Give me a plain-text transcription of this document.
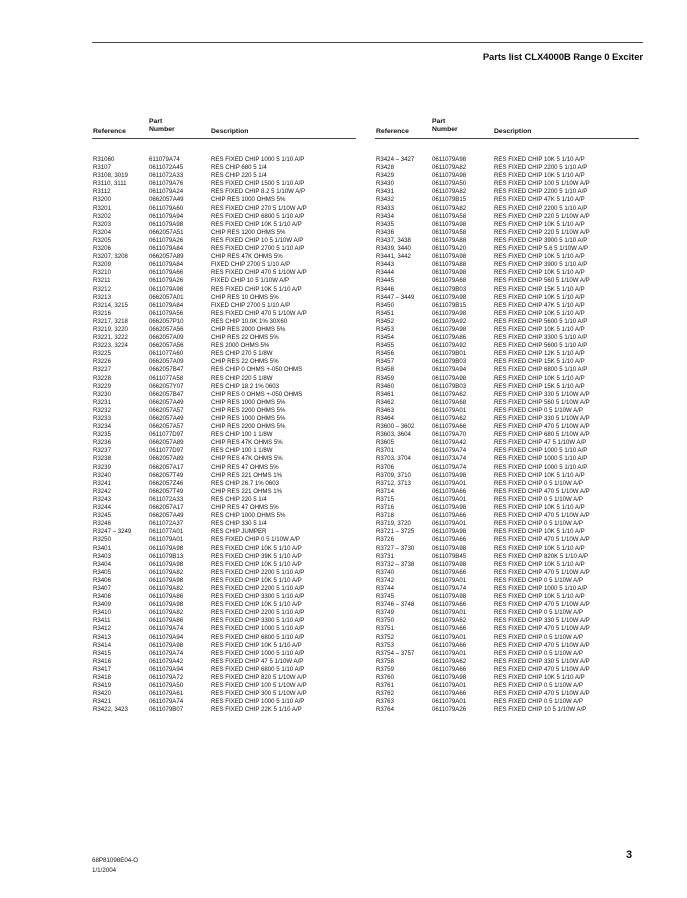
Parts list CLX4000B Range 0 Exciter
Reference
Part Number	Description
R31060	611079A74	RES FIXED CHIP 1000 5 1/10 A/P
R3107	0611072A45	RES CHIP 680 5 1/4
R3108, 3019	0611072A33	RES CHIP 220 5 1/4
R3110, 3111	0611079A76	RES FIXED CHIP 1500 5 1/10 A/P
R3112	0611079A24	RES FIXED CHIP 8.2 5 1/10W A/P
R3200	0662057A49	CHIP RES 1000 OHMS 5%
R3201	0611079A60	RES FIXED CHIP 270 5 1/10W A/P
R3202	0611079A94	RES FIXED CHIP 6800 5 1/10 A/P
R3203	0611079A98	RES FIXED CHIP 10K 5 1/10 A/P
R3204	0662057A51	CHIP RES 1200 OHMS 5%
R3205	0611079A26	RES FIXED CHIP 10 5 1/10W A/P
R3206	0611079A84	RES FIXED CHIP 2700 5 1/10 A/P
R3207, 3208	0662057A89	CHIP RES 47K OHMS 5%
R3209	0611079A84	FIXED CHIP 2700 5 1/10 A/P
R3210	0611079A66	RES FIXED CHIP 470 5 1/10W A/P
R3211	0611079A26	FIXED CHIP 10 5 1/10W A/P
R3212	0611079A98	RES FIXED CHIP 10K 5 1/10 A/P
R3213	0662057A01	CHIP RES 10 OHMS 5%
R3214, 3215	0611079A84	FIXED CHIP 2700 5 1/10 A/P
R3216	0611079A56	RES FIXED CHIP 470 5 1/10W A/P
R3217, 3218	0662057P10	RES CHIP 10.0K 1% 30X60
R3219, 3220	0662057A56	CHIP RES 2000 OHMS 5%
R3221, 3222	0662057A09	CHIP RES 22 OHMS 5%
R3223, 3224	0662057A56	RES 2000 OHMS 5%
R3225	0611077A60	RES CHIP 270 5 1/8W
R3226	0662057A09	CHIP RES 22 OHMS 5%
R3227	0662057B47	RES CHIP 0 OHMS +-050 OHMS
R3228	0611077A58	RES CHIP 220 5 1/8W
R3229	0662057Y07	RES CHIP 18.2 1% 0603
R3230	0662057B47	CHIP RES 0 OHMS +-050 OHMS
R3231	0662057A49	CHIP RES 1000 OHMS 5%
R3232	0662057A57	CHIP RES 2200 OHMS 5%
R3233	0662057A49	CHIP RES 1000 OHMS 5%
R3234	0662057A57	CHIP RES 2200 OHMS 5%
R3235	0611077D97	RES CHIP 100 1 1/8W
R3236	0662057A89	CHIP RES 47K OHMS 5%
R3237	0611077D97	RES CHIP 100 1 1/8W
R3238	0662057A89	CHIP RES 47K OHMS 5%
R3239	0662057A17	CHIP RES 47 OHMS 5%
R3240	0662057T49	CHIP RES 221 OHMS 1%
R3241	0662057Z46	RES CHIP 26.7 1% 0603
R3242	0662057T49	CHIP RES 221 OHMS 1%
R3243	0611072A33	RES CHIP 220 5 1/4
R3244	0662057A17	CHIP RES 47 OHMS 5%
R3245	0662057A49	RES CHIP 1000 OHMS 5%
R3246	0611072A37	RES CHIP 330 5 1/4
R3247 – 3249	0611077A01	RES CHIP JUMPER
R3250	0611079A01	RES FIXED CHIP 0 5 1/10W A/P
R3401	0611079A98	RES FIXED CHIP 10K 5 1/10 A/P
R3403	0611079B13	RES FIXED CHIP 39K 5 1/10 A/P
R3404	0611079A98	RES FIXED CHIP 10K 5 1/10 A/P
R3405	0611079A82	RES FIXED CHIP 2200 5 1/10 A/P
R3406	0611079A98	RES FIXED CHIP 10K 5 1/10 A/P
R3407	0611079A82	RES FIXED CHIP 2200 5 1/10 A/P
R3408	0611079A86	RES FIXED CHIP 3300 5 1/10 A/P
R3409	0611079A98	RES FIXED CHIP 10K 5 1/10 A/P
R3410	0611079A82	RES FIXED CHIP 2200 5 1/10 A/P
R3411	0611079A86	RES FIXED CHIP 3300 5 1/10 A/P
R3412	0611079A74	RES FIXED CHIP 1000 5 1/10 A/P
R3413	0611079A94	RES FIXED CHIP 6800 5 1/10 A/P
R3414	0611079A98	RES FIXED CHIP 10K 5 1/10 A/P
R3415	0611079A74	RES FIXED CHIP 1000 5 1/10 A/P
R3416	0611079A42	RES FIXED CHIP 47 5 1/10W A/P
R3417	0611079A94	RES FIXED CHIP 6800 5 1/10 A/P
R3418	0611079A72	RES FIXED CHIP 820 5 1/10W A/P
R3419	0611079A50	RES FIXED CHIP 100 5 1/10W A/P
R3420	0611079A61	RES FIXED CHIP 300 5 1/10W A/P
R3421	0611079A74	RES FIXED CHIP 1000 5 1/10 A/P
R3422, 3423	0611079B07	RES FIXED CHIP 22K 5 1/10 A/P
Reference
Part Number	Description
R3424 – 3427	0611079A98	RES FIXED CHIP 10K 5 1/10 A/P
R3428	0611079A82	RES FIXED CHIP 2200 5 1/10 A/P
R3429	0611079A98	RES FIXED CHIP 10K 5 1/10 A/P
R3430	0611079A50	RES FIXED CHIP 100 5 1/10W A/P
R3431	0611079A82	RES FIXED CHIP 2200 5 1/10 A/P
R3432	0611079B15	RES FIXED CHIP 47K 5 1/10 A/P
R3433	0611079A82	RES FIXED CHIP 2200 5 1/10 A/P
R3434	0611079A58	RES FIXED CHIP 220 5 1/10W A/P
R3435	0611079A98	RES FIXED CHIP 10K 5 1/10 A/P
R3436	0611079A58	RES FIXED CHIP 220 5 1/10W A/P
R3437, 3438	0611079A88	RES FIXED CHIP 3900 5 1/10 A/P
R3439, 3440	0611079A20	RES FIXED CHIP 5.6 5 1/10W A/P
R3441, 3442	0611079A98	RES FIXED CHIP 10K 5 1/10 A/P
R3443	0611079A88	RES FIXED CHIP 3900 5 1/10 A/P
R3444	0611079A98	RES FIXED CHIP 10K 5 1/10 A/P
R3445	0611079A68	RES FIXED CHIP 560 5 1/10W A/P
R3446	0611079B03	RES FIXED CHIP 15K 5 1/10 A/P
R3447 – 3449	0611079A98	RES FIXED CHIP 10K 5 1/10 A/P
R3450	0611079B15	RES FIXED CHIP 47K 5 1/10 A/P
R3451	0611079A98	RES FIXED CHIP 10K 5 1/10 A/P
R3452	0611079A92	RES FIXED CHIP 5600 5 1/10 A/P
R3453	0611079A98	RES FIXED CHIP 10K 5 1/10 A/P
R3454	0611079A86	RES FIXED CHIP 3300 5 1/10 A/P
R3455	0611079A92	RES FIXED CHIP 5600 5 1/10 A/P
R3456	0611079B01	RES FIXED CHIP 12K 5 1/10 A/P
R3457	0611079B03	RES FIXED CHIP 15K 5 1/10 A/P
R3458	0611079A94	RES FIXED CHIP 6800 5 1/10 A/P
R3459	0611079A98	RES FIXED CHIP 10K 5 1/10 A/P
R3460	0611079B03	RES FIXED CHIP 15K 5 1/10 A/P
R3461	0611079A62	RES FIXED CHIP 330 5 1/10W A/P
R3462	0611079A68	RES FIXED CHIP 560 5 1/10W A/P
R3463	0611079A01	RES FIXED CHIP 0 5 1/10W A/P
R3464	0611079A62	RES FIXED CHIP 330 5 1/10W A/P
R3600 – 3602	0611079A66	RES FIXED CHIP 470 5 1/10W A/P
R3603, 3604	0611079A70	RES FIXED CHIP 680 5 1/10W A/P
R3605	0611079A42	RES FIXED CHIP 47 5 1/10W A/P
R3701	0611079A74	RES FIXED CHIP 1000 5 1/10 A/P
R3703, 3704	0611073A74	RES FIXED CHIP 1000 5 1/10 A/P
R3706	0611079A74	RES FIXED CHIP 1000 5 1/10 A/P
R3709, 3710	0611079A98	RES FIXED CHIP 10K 5 1/10 A/P
R3712, 3713	0611079A01	RES FIXED CHIP 0 5 1/10W A/P
R3714	0611079A66	RES FIXED CHIP 470 5 1/10W A/P
R3715	0611079A01	RES FIXED CHIP 0 5 1/10W A/P
R3716	0611079A98	RES FIXED CHIP 10K 5 1/10 A/P
R3718	0611079A66	RES FIXED CHIP 470 5 1/10W A/P
R3719, 3720	0611079A01	RES FIXED CHIP 0 5 1/10W A/P
R3721 – 3725	0611079A98	RES FIXED CHIP 10K 5 1/10 A/P
R3726	0611079A66	RES FIXED CHIP 470 5 1/10W A/P
R3727 – 3730	0611079A98	RES FIXED CHIP 10K 5 1/10 A/P
R3731	0611079B45	RES FIXED CHIP 820K 5 1/10 A/P
R3732 – 3738	0611079A98	RES FIXED CHIP 10K 5 1/10 A/P
R3740	0611079A66	RES FIXED CHIP 470 5 1/10W A/P
R3742	0611079A01	RES FIXED CHIP 0 5 1/10W A/P
R3744	0611079A74	RES FIXED CHIP 1000 5 1/10 A/P
R3745	0611079A98	RES FIXED CHIP 10K 5 1/10 A/P
R3746 – 3748	0611079A66	RES FIXED CHIP 470 5 1/10W A/P
R3749	0611079A01	RES FIXED CHIP 0 5 1/10W A/P
R3750	0611079A62	RES FIXED CHIP 330 5 1/10W A/P
R3751	0611079A66	RES FIXED CHIP 470 5 1/10W A/P
R3752	0611079A01	RES FIXED CHIP 0 5 1/10W A/P
R3753	0611079A66	RES FIXED CHIP 470 5 1/10W A/P
R3754 – 3757	0611079A01	RES FIXED CHIP 0 5 1/10W A/P
R3758	0611079A62	RES FIXED CHIP 330 5 1/10W A/P
R3759	0611079A66	RES FIXED CHIP 470 5 1/10W A/P
R3760	0611079A98	RES FIXED CHIP 10K 5 1/10 A/P
R3761	0611079A01	RES FIXED CHIP 0 5 1/10W A/P
R3762	0611079A66	RES FIXED CHIP 470 5 1/10W A/P
R3763	0611079A01	RES FIXED CHIP 0 5 1/10W A/P
R3764	0611079A26	RES FIXED CHIP 10 5 1/10W A/P
68P81098E04-O
1/1/2004
3
